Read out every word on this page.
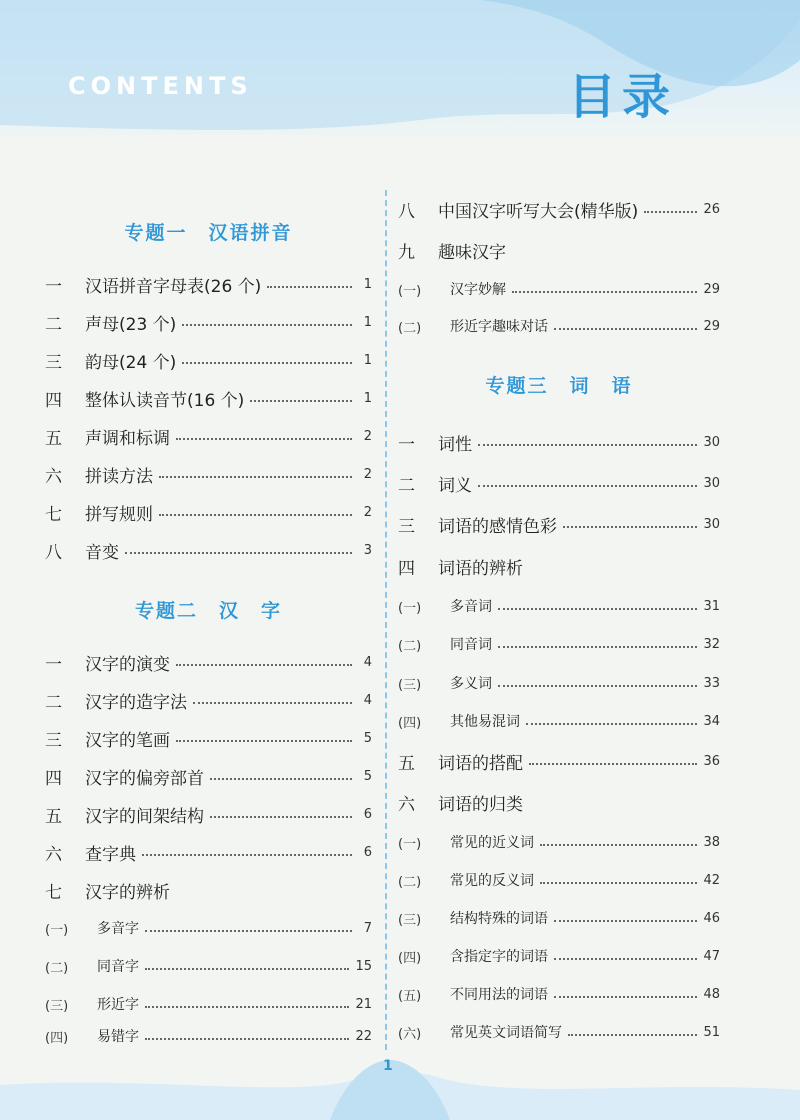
CONTENTS	目录
专题一　汉语拼音
一	汉语拼音字母表(26 个)	1
二	声母(23 个)	1
三	韵母(24 个)	1
四	整体认读音节(16 个)	1
五	声调和标调	2
六	拼读方法	2
七	拼写规则	2
八	音变	3
专题二　汉　字
一	汉字的演变	4
二	汉字的造字法	4
三	汉字的笔画	5
四	汉字的偏旁部首	5
五	汉字的间架结构	6
六	查字典	6
七	汉字的辨析
(一)	多音字	7
(二)	同音字	15
(三)	形近字	21
(四)	易错字	22
八	中国汉字听写大会(精华版)	26
九	趣味汉字
(一)	汉字妙解	29
(二)	形近字趣味对话	29
专题三　词　语
一	词性	30
二	词义	30
三	词语的感情色彩	30
四	词语的辨析
(一)	多音词	31
(二)	同音词	32
(三)	多义词	33
(四)	其他易混词	34
五	词语的搭配	36
六	词语的归类
(一)	常见的近义词	38
(二)	常见的反义词	42
(三)	结构特殊的词语	46
(四)	含指定字的词语	47
(五)	不同用法的词语	48
(六)	常见英文词语简写	51
1
